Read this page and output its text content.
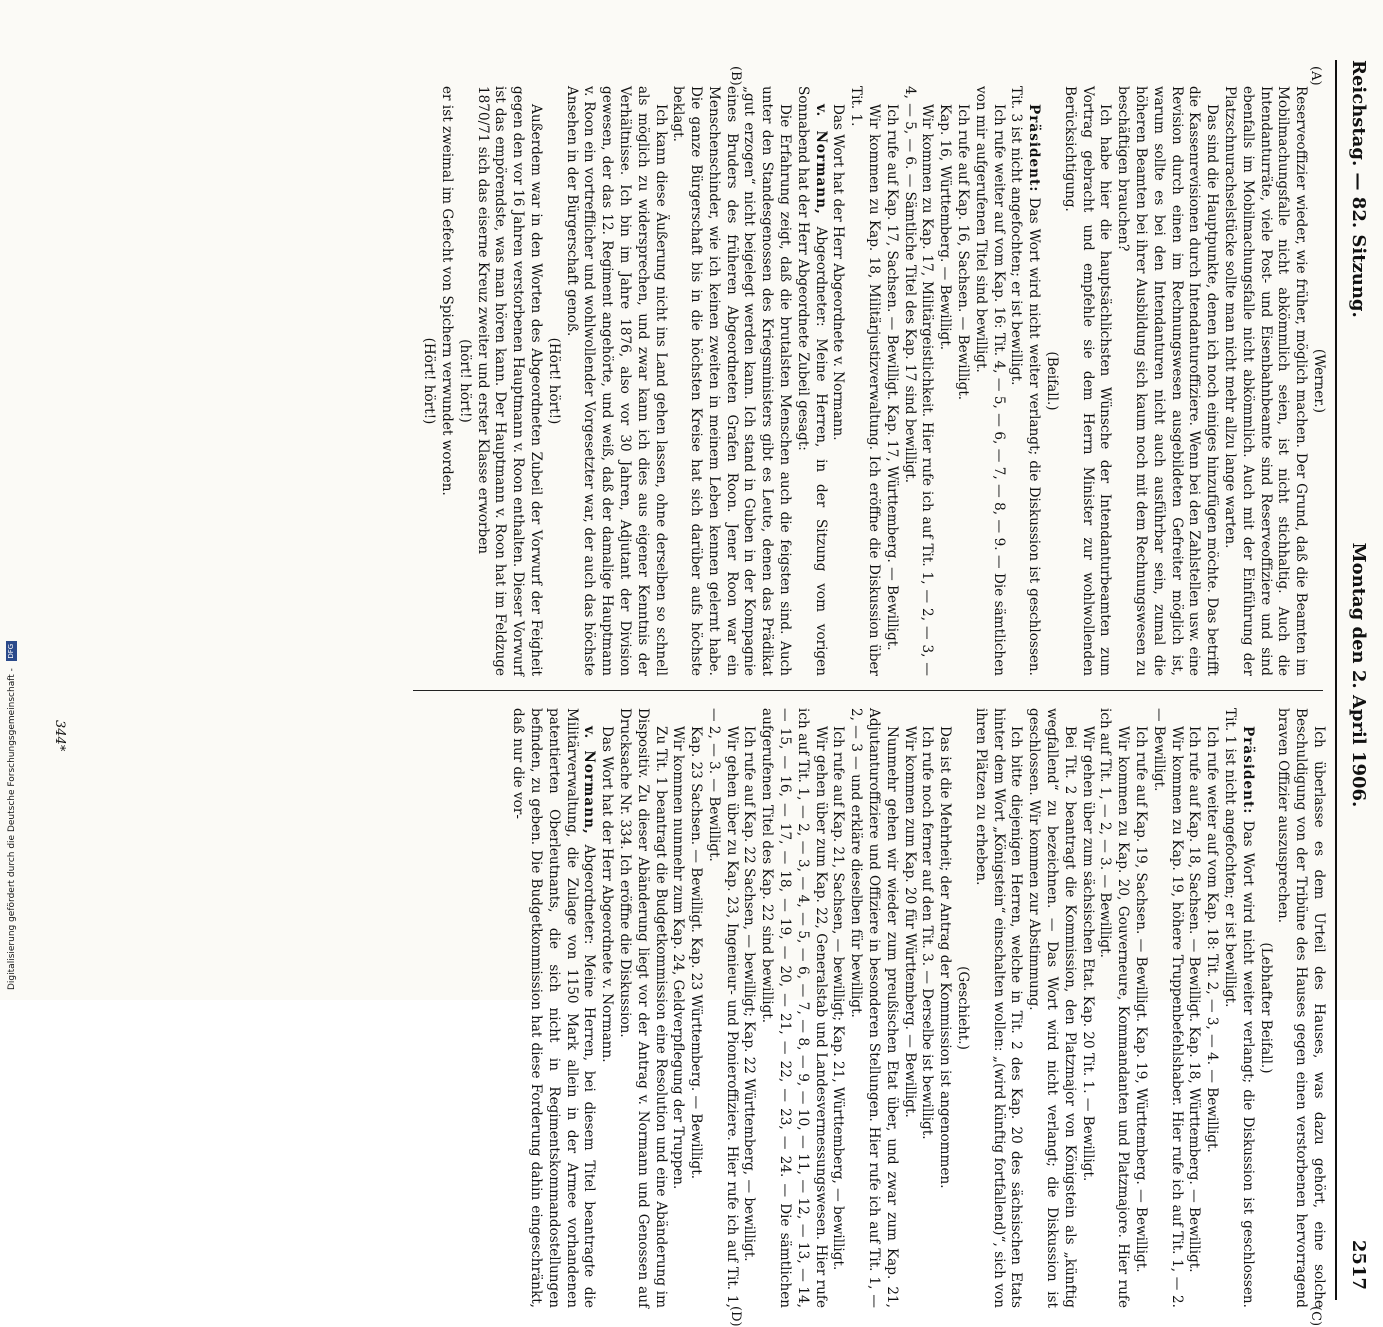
Reichstag. — 82. Sitzung.
Montag den 2. April 1906.
2517
(A)
(B)
(C)
(D)

(Werner.)

Reserveoffizier wieder, wie früher, möglich machen. Der Grund, daß die Beamten im Mobilmachungsfalle nicht abkömmlich seien, ist nicht stichhaltig. Auch die Intendanturräte, viele Post- und Eisenbahnbeamte sind Reserveoffiziere und sind ebenfalls im Mobilmachungsfalle nicht abkömmlich. Auch mit der Einführung der Platzschnurachselstücke sollte man nicht mehr allzu lange warten.

Das sind die Hauptpunkte, denen ich noch einiges hinzufügen möchte. Das betrifft die Kassenrevisionen durch Intendanturoffiziere. Wenn bei den Zahlstellen usw. eine Revision durch einen im Rechnungswesen ausgebildeten Gefreiter möglich ist, warum sollte es bei den Intendanturen nicht auch ausführbar sein, zumal die höheren Beamten bei ihrer Ausbildung sich kaum noch mit dem Rechnungswesen zu beschäftigen brauchen?

Ich habe hier die hauptsächlichsten Wünsche der Intendanturbeamten zum Vortrag gebracht und empfehle sie dem Herrn Minister zur wohlwollenden Berücksichtigung.

(Beifall.)

Präsident: Das Wort wird nicht weiter verlangt; die Diskussion ist geschlossen. Tit. 3 ist nicht angefochten; er ist bewilligt.

Ich rufe weiter auf vom Kap. 16: Tit. 4, — 5, — 6, — 7, — 8, — 9. — Die sämtlichen von mir aufgerufenen Titel sind bewilligt.

Ich rufe auf Kap. 16, Sachsen. — Bewilligt.

Kap. 16, Württemberg. — Bewilligt.

Wir kommen zu Kap. 17, Militärgeistlichkeit. Hier rufe ich auf Tit. 1, — 2, — 3, — 4, — 5, — 6. — Sämtliche Titel des Kap. 17 sind bewilligt.

Ich rufe auf Kap. 17, Sachsen. — Bewilligt. Kap. 17, Württemberg. — Bewilligt.

Wir kommen zu Kap. 18, Militärjustizverwaltung. Ich eröffne die Diskussion über Tit. 1.

Das Wort hat der Herr Abgeordnete v. Normann.

v. Normann, Abgeordneter: Meine Herren, in der Sitzung vom vorigen Sonnabend hat der Herr Abgeordnete Zubeil gesagt:

Die Erfahrung zeigt, daß die brutalsten Menschen auch die feigsten sind. Auch unter den Standesgenossen des Kriegsministers gibt es Leute, denen das Prädikat „gut erzogen“ nicht beigelegt werden kann. Ich stand in Guben in der Kompagnie eines Bruders des früheren Abgeordneten Grafen Roon. Jener Roon war ein Menschenschinder, wie ich keinen zweiten in meinem Leben kennen gelernt habe. Die ganze Bürgerschaft bis in die höchsten Kreise hat sich darüber aufs höchste beklagt.

Ich kann diese Äußerung nicht ins Land gehen lassen, ohne derselben so schnell als möglich zu widersprechen, und zwar kann ich dies aus eigener Kenntnis der Verhältnisse. Ich bin im Jahre 1876, also vor 30 Jahren, Adjutant der Division gewesen, der das 12. Regiment angehörte, und weiß, daß der damalige Hauptmann v. Roon ein vortrefflicher und wohlwollender Vorgesetzter war, der auch das höchste Ansehen in der Bürgerschaft genoß.

(Hört! hört!)

Außerdem war in den Worten des Abgeordneten Zubeil der Vorwurf der Feigheit gegen den vor 16 Jahren verstorbenen Hauptmann v. Roon enthalten. Dieser Vorwurf ist das empörendste, was man hören kann. Der Hauptmann v. Roon hat im Feldzuge 1870/71 sich das eiserne Kreuz zweiter und erster Klasse erworben

(hört! hört!)

er ist zweimal im Gefecht von Spichern verwundet worden.

(Hört! hört!)

Ich überlasse es dem Urteil des Hauses, was dazu gehört, eine solche Beschuldigung von der Tribüne des Hauses gegen einen verstorbenen hervorragend braven Offizier auszusprechen.

(Lebhafter Beifall.)

Präsident: Das Wort wird nicht weiter verlangt; die Diskussion ist geschlossen. Tit. 1 ist nicht angefochten; er ist bewilligt.

Ich rufe weiter auf vom Kap. 18: Tit. 2, — 3, — 4. — Bewilligt.

Ich rufe auf Kap. 18, Sachsen. — Bewilligt. Kap. 18, Württemberg. — Bewilligt.

Wir kommen zu Kap. 19, höhere Truppenbefehlshaber. Hier rufe ich auf Tit. 1, — 2. — Bewilligt.

Ich rufe auf Kap. 19, Sachsen. — Bewilligt. Kap. 19, Württemberg. — Bewilligt.

Wir kommen zu Kap. 20, Gouverneure, Kommandanten und Platzmajore. Hier rufe ich auf Tit. 1, — 2, — 3. — Bewilligt.

Wir gehen über zum sächsischen Etat. Kap. 20 Tit. 1. — Bewilligt.

Bei Tit. 2 beantragt die Kommission, den Platzmajor von Königstein als „künftig wegfallend“ zu bezeichnen. — Das Wort wird nicht verlangt; die Diskussion ist geschlossen. Wir kommen zur Abstimmung.

Ich bitte diejenigen Herren, welche in Tit. 2 des Kap. 20 des sächsischen Etats hinter dem Wort „Königstein“ einschalten wollen: „(wird künftig fortfallend)“, sich von ihren Plätzen zu erheben.

(Geschieht.)

Das ist die Mehrheit; der Antrag der Kommission ist angenommen.

Ich rufe noch ferner auf den Tit. 3. — Derselbe ist bewilligt.

Wir kommen zum Kap. 20 für Württemberg. — Bewilligt.

Nunmehr gehen wir wieder zum preußischen Etat über, und zwar zum Kap. 21, Adjutanturoffiziere und Offiziere in besonderen Stellungen. Hier rufe ich auf Tit. 1, — 2, — 3 — und erkläre dieselben für bewilligt.

Ich rufe auf Kap. 21, Sachsen, — bewilligt; Kap. 21, Württemberg, — bewilligt.

Wir gehen über zum Kap. 22, Generalstab und Landesvermessungswesen. Hier rufe ich auf Tit. 1, — 2, — 3, — 4, — 5, — 6, — 7, — 8, — 9, — 10, — 11, — 12, — 13, — 14, — 15, — 16, — 17, — 18, — 19, — 20, — 21, — 22, — 23, — 24. — Die sämtlichen aufgerufenen Titel des Kap. 22 sind bewilligt.

Ich rufe auf Kap. 22 Sachsen, — bewilligt; Kap. 22 Württemberg, — bewilligt.

Wir gehen über zu Kap. 23, Ingenieur- und Pionieroffiziere. Hier rufe ich auf Tit. 1, — 2, — 3. — Bewilligt.

Kap. 23 Sachsen. — Bewilligt. Kap. 23 Württemberg. — Bewilligt.

Wir kommen nunmehr zum Kap. 24, Geldverpflegung der Truppen.

Zu Tit. 1 beantragt die Budgetkommission eine Resolution und eine Abänderung im Dispositiv. Zu dieser Abänderung liegt vor der Antrag v. Normann und Genossen auf Drucksache Nr. 334. Ich eröffne die Diskussion.

Das Wort hat der Herr Abgeordnete v. Normann.

v. Normann, Abgeordneter: Meine Herren, bei diesem Titel beantragte die Militärverwaltung, die Zulage von 1150 Mark allein in der Armee vorhandenen patentierten Oberleutnants, die sich nicht in Regimentskommandostellungen befinden, zu geben. Die Budgetkommission hat diese Forderung dahin eingeschränkt, daß nur die vor-

344*
Digitalisierung gefördert durch die Deutsche Forschungsgemeinschaft - DFG
